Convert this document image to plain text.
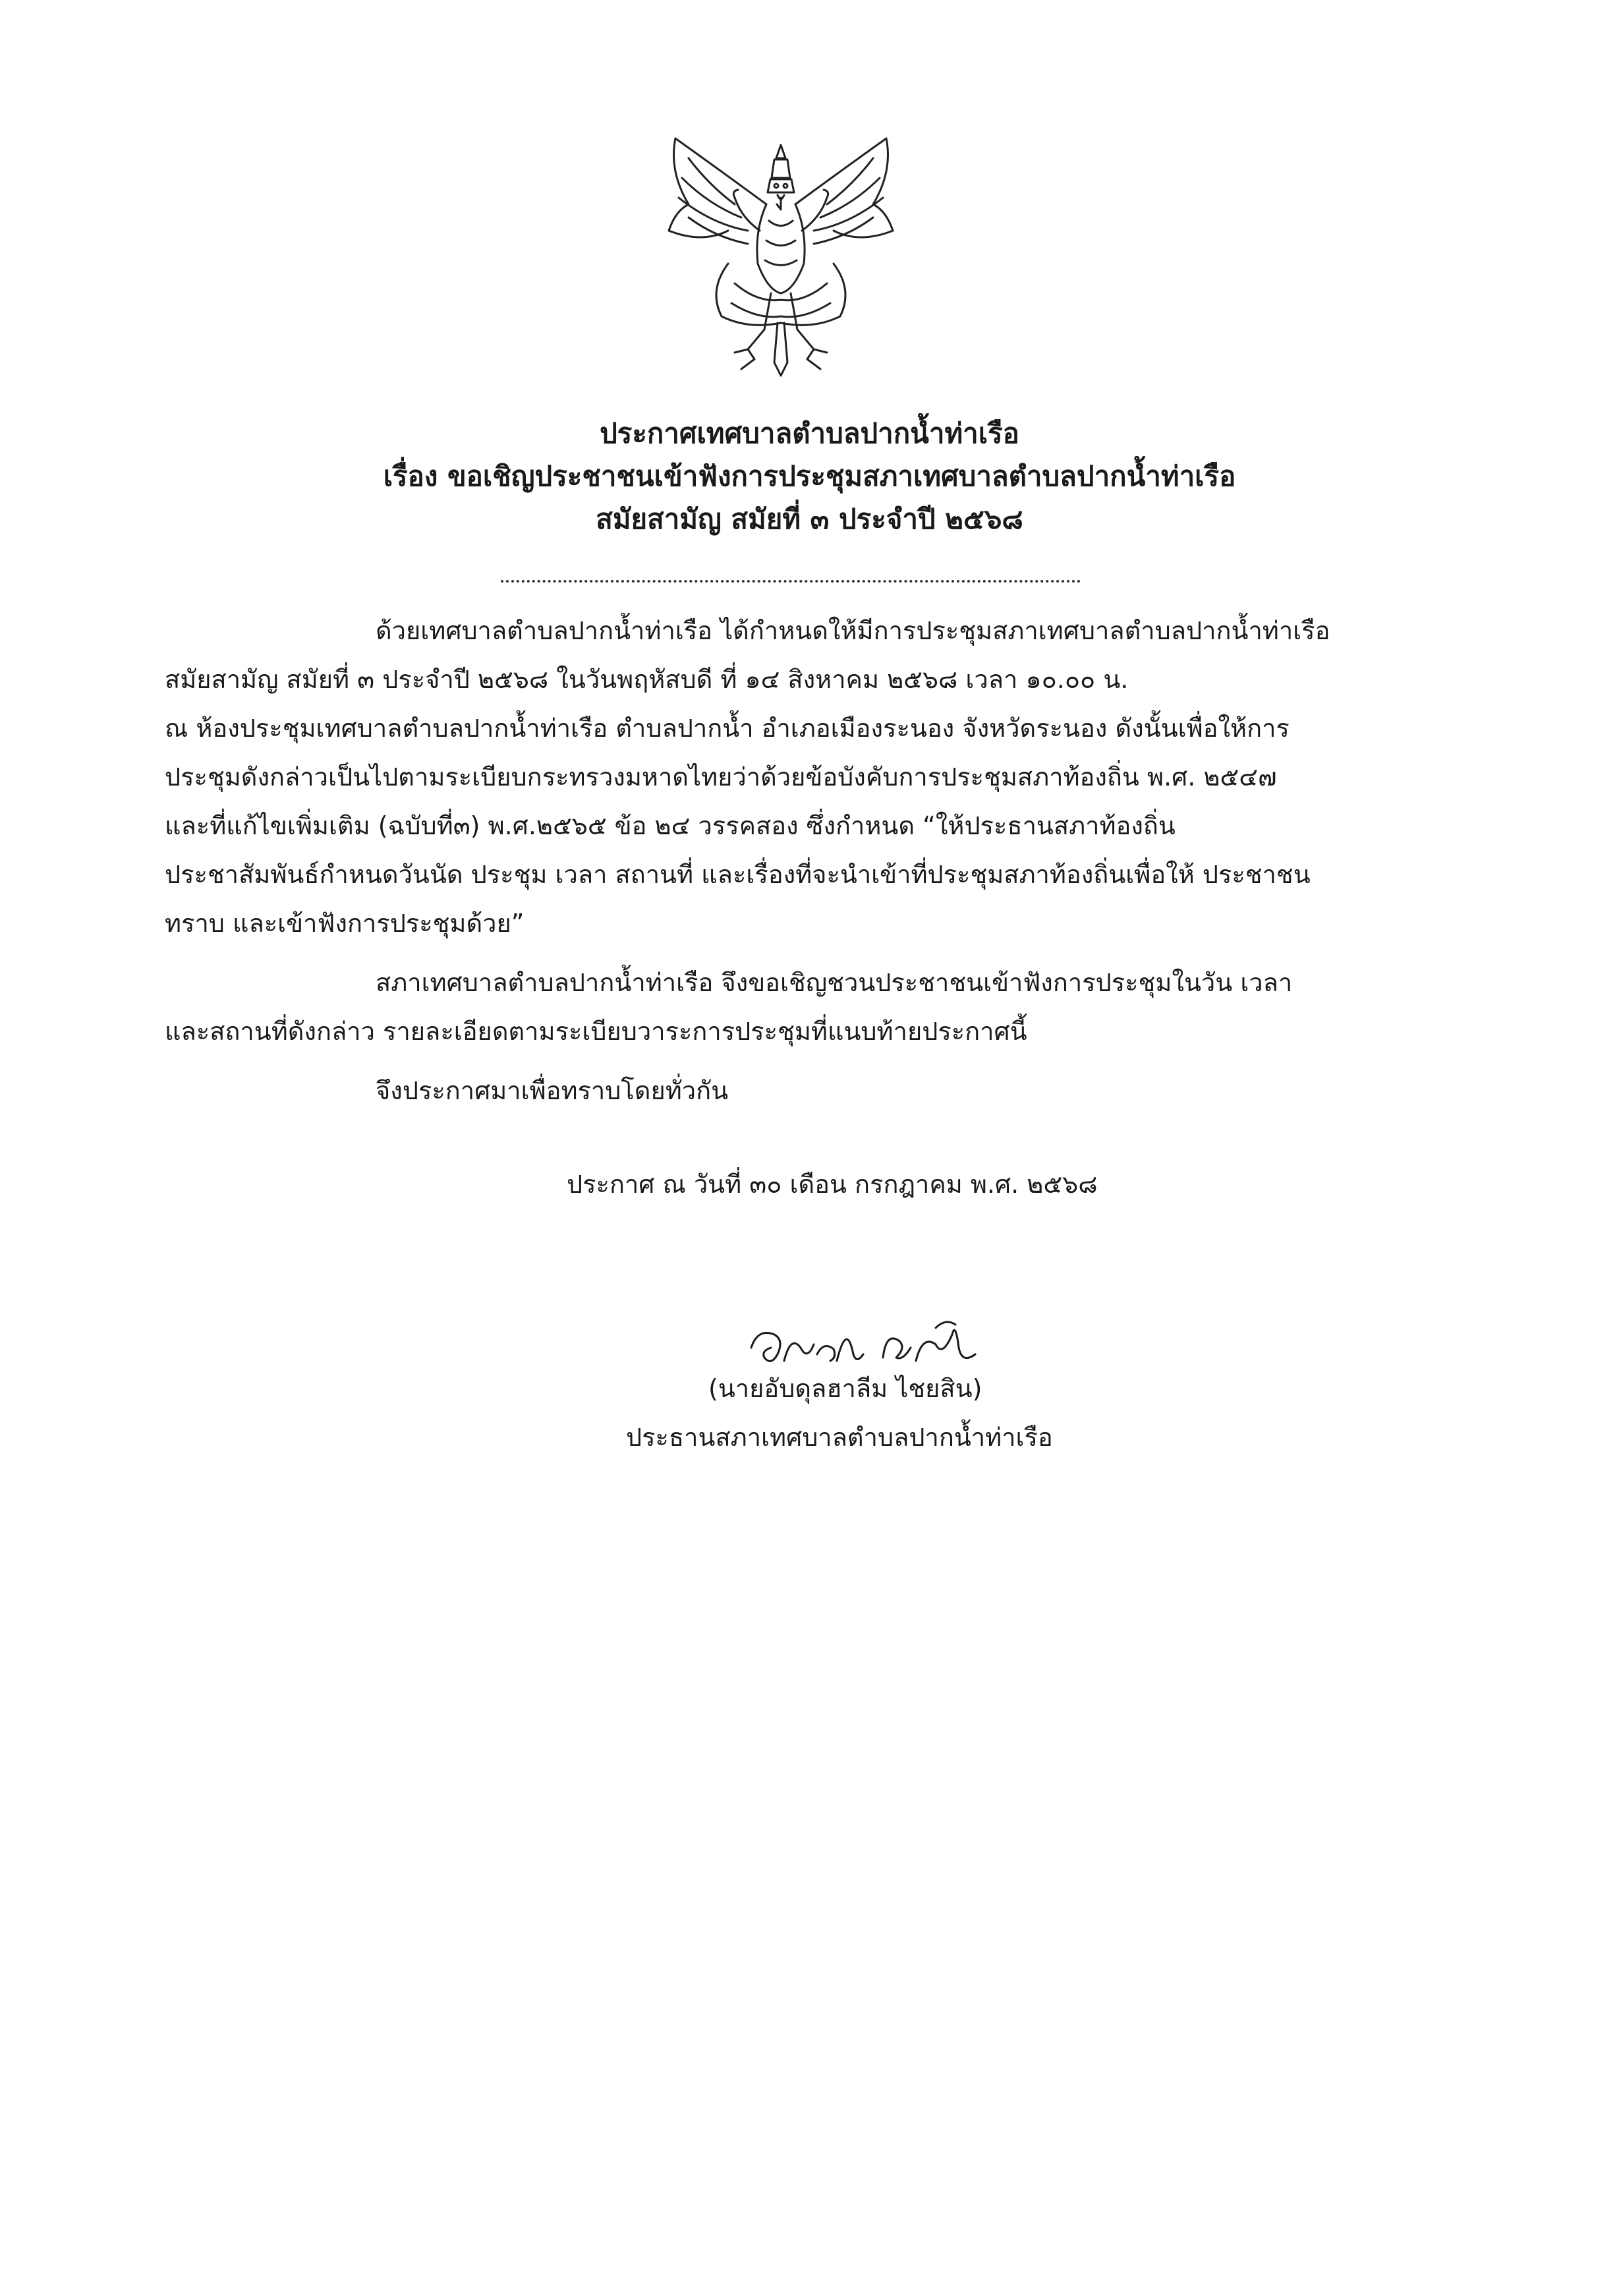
ประกาศเทศบาลตำบลปากน้ำท่าเรือ
เรื่อง ขอเชิญประชาชนเข้าฟังการประชุมสภาเทศบาลตำบลปากน้ำท่าเรือ
สมัยสามัญ สมัยที่ ๓ ประจำปี ๒๕๖๘

ด้วยเทศบาลตำบลปากน้ำท่าเรือ ได้กำหนดให้มีการประชุมสภาเทศบาลตำบลปากน้ำท่าเรือ

สมัยสามัญ สมัยที่ ๓ ประจำปี ๒๕๖๘ ในวันพฤหัสบดี ที่ ๑๔ สิงหาคม ๒๕๖๘ เวลา ๑๐.๐๐ น.

ณ ห้องประชุมเทศบาลตำบลปากน้ำท่าเรือ ตำบลปากน้ำ อำเภอเมืองระนอง จังหวัดระนอง ดังนั้นเพื่อให้การ

ประชุมดังกล่าวเป็นไปตามระเบียบกระทรวงมหาดไทยว่าด้วยข้อบังคับการประชุมสภาท้องถิ่น พ.ศ. ๒๕๔๗

และที่แก้ไขเพิ่มเติม (ฉบับที่๓) พ.ศ.๒๕๖๕ ข้อ ๒๔ วรรคสอง ซึ่งกำหนด “ให้ประธานสภาท้องถิ่น

ประชาสัมพันธ์กำหนดวันนัด ประชุม เวลา สถานที่ และเรื่องที่จะนำเข้าที่ประชุมสภาท้องถิ่นเพื่อให้ ประชาชน

ทราบ และเข้าฟังการประชุมด้วย”

สภาเทศบาลตำบลปากน้ำท่าเรือ จึงขอเชิญชวนประชาชนเข้าฟังการประชุมในวัน เวลา

และสถานที่ดังกล่าว รายละเอียดตามระเบียบวาระการประชุมที่แนบท้ายประกาศนี้

จึงประกาศมาเพื่อทราบโดยทั่วกัน

ประกาศ ณ วันที่ ๓๐ เดือน กรกฎาคม พ.ศ. ๒๕๖๘
(นายอับดุลฮาลีม ไชยสิน)
ประธานสภาเทศบาลตำบลปากน้ำท่าเรือ
